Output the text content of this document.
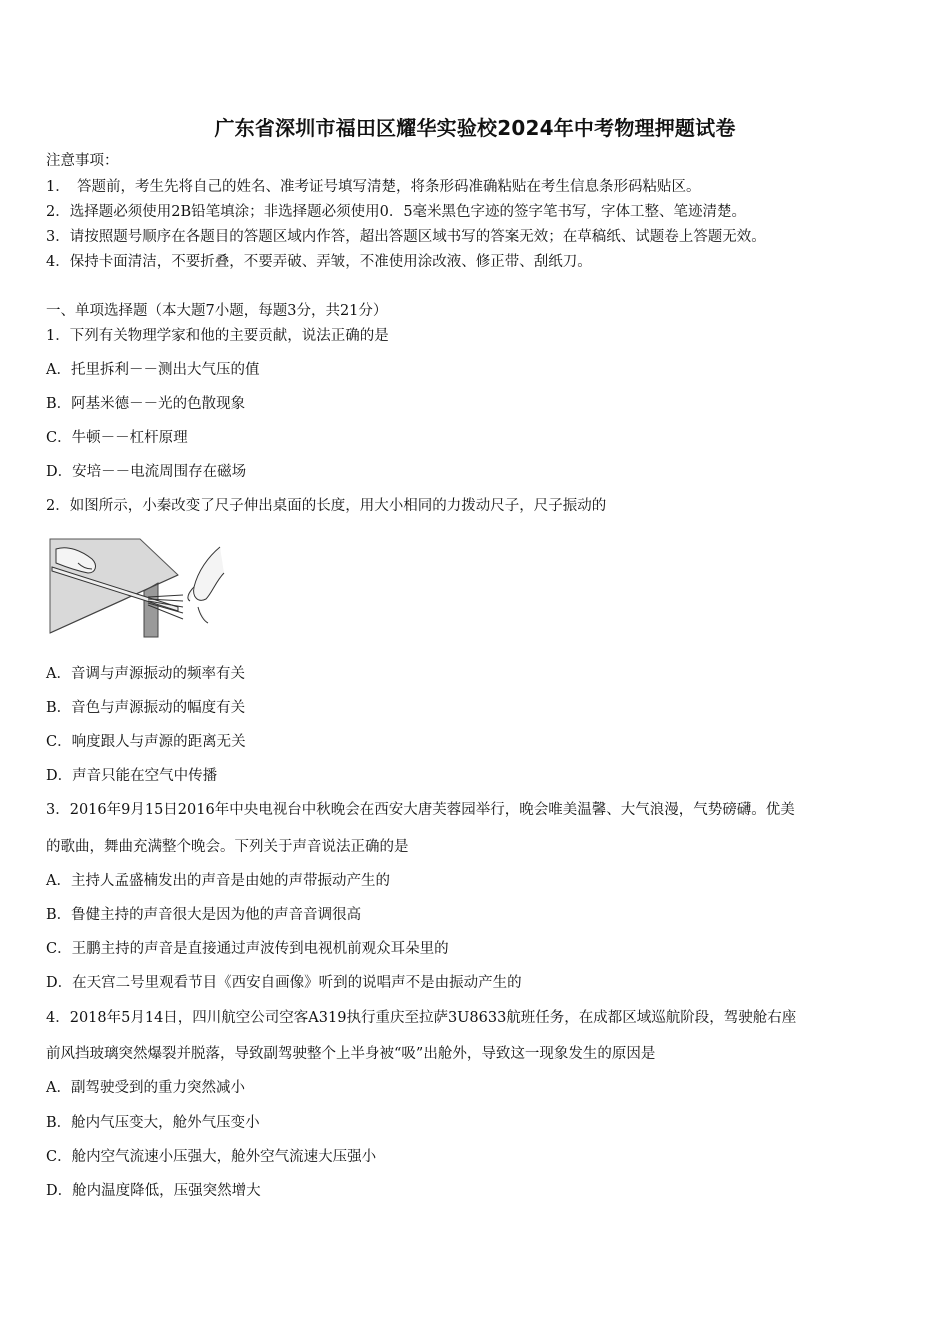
广东省深圳市福田区耀华实验校2024年中考物理押题试卷
注意事项：
1．　答题前，考生先将自己的姓名、准考证号填写清楚，将条形码准确粘贴在考生信息条形码粘贴区。
2．选择题必须使用2B铅笔填涂；非选择题必须使用0．5毫米黑色字迹的签字笔书写，字体工整、笔迹清楚。
3．请按照题号顺序在各题目的答题区域内作答，超出答题区域书写的答案无效；在草稿纸、试题卷上答题无效。
4．保持卡面清洁，不要折叠，不要弄破、弄皱，不准使用涂改液、修正带、刮纸刀。
一、单项选择题（本大题7小题，每题3分，共21分）
1．下列有关物理学家和他的主要贡献，说法正确的是
A．托里拆利－－测出大气压的值
B．阿基米德－－光的色散现象
C．牛顿－－杠杆原理
D．安培－－电流周围存在磁场
2．如图所示，小秦改变了尺子伸出桌面的长度，用大小相同的力拨动尺子，尺子振动的
A．音调与声源振动的频率有关
B．音色与声源振动的幅度有关
C．响度跟人与声源的距离无关
D．声音只能在空气中传播
3．2016年9月15日2016年中央电视台中秋晚会在西安大唐芙蓉园举行，晚会唯美温馨、大气浪漫，气势磅礴。优美
的歌曲，舞曲充满整个晚会。下列关于声音说法正确的是
A．主持人孟盛楠发出的声音是由她的声带振动产生的
B．鲁健主持的声音很大是因为他的声音音调很高
C．王鹏主持的声音是直接通过声波传到电视机前观众耳朵里的
D．在天宫二号里观看节目《西安自画像》听到的说唱声不是由振动产生的
4．2018年5月14日，四川航空公司空客A319执行重庆至拉萨3U8633航班任务，在成都区域巡航阶段，驾驶舱右座
前风挡玻璃突然爆裂并脱落，导致副驾驶整个上半身被“吸”出舱外，导致这一现象发生的原因是
A．副驾驶受到的重力突然减小
B．舱内气压变大，舱外气压变小
C．舱内空气流速小压强大，舱外空气流速大压强小
D．舱内温度降低，压强突然增大
